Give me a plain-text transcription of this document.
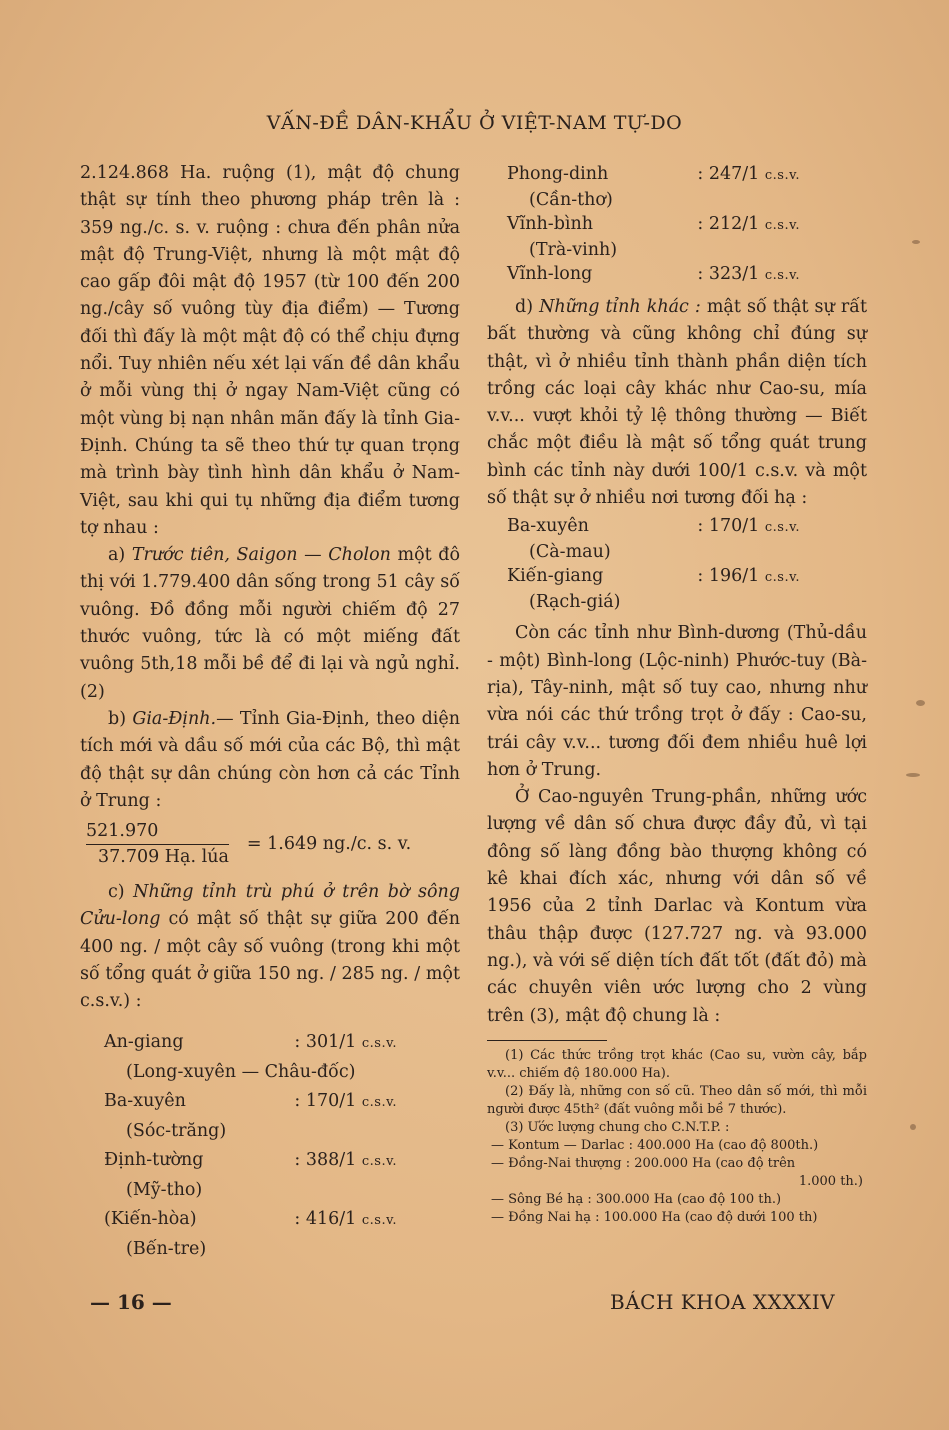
VẤN-ĐỀ DÂN-KHẨU Ở VIỆT-NAM TỰ-DO

2.124.868 Ha. ruộng (1), mật độ chung thật sự tính theo phương pháp trên là : 359 ng./c. s. v. ruộng : chưa đến phân nửa mật độ Trung-Việt, nhưng là một mật độ cao gấp đôi mật độ 1957 (từ 100 đến 200 ng./cây số vuông tùy địa điểm) — Tương đối thì đấy là một mật độ có thể chịu đựng nổi. Tuy nhiên nếu xét lại vấn đề dân khẩu ở mỗi vùng thị ở ngay Nam-Việt cũng có một vùng bị nạn nhân mãn đấy là tỉnh Gia-Định. Chúng ta sẽ theo thứ tự quan trọng mà trình bày tình hình dân khẩu ở Nam-Việt, sau khi qui tụ những địa điểm tương tợ nhau :

a) Trước tiên, Saigon — Cholon một đô thị với 1.779.400 dân sống trong 51 cây số vuông. Đồ đồng mỗi người chiếm độ 27 thước vuông, tức là có một miếng đất vuông 5th,18 mỗi bề để đi lại và ngủ nghỉ. (2)

b) Gia-Định.— Tỉnh Gia-Định, theo diện tích mới và dầu số mới của các Bộ, thì mật độ thật sự dân chúng còn hơn cả các Tỉnh ở Trung :

$\frac{521.970}{\text{37.709 Hạ. lúa}} = 1.649$ ng./c. s. v.

c) Những tỉnh trù phú ở trên bờ sông Cửu-long có mật số thật sự giữa 200 đến 400 ng. / một cây số vuông (trong khi một số tổng quát ở giữa 150 ng. / 285 ng. / một c.s.v.) :

An-giang	: 301/1 c.s.v.
(Long-xuyên — Châu-đốc)	
Ba-xuyên	: 170/1 c.s.v.
(Sóc-trăng)	
Định-tường	: 388/1 c.s.v.
(Mỹ-tho)	
(Kiến-hòa)	: 416/1 c.s.v.
(Bến-tre)	
Phong-dinh	: 247/1 c.s.v.
(Cần-thơ)	
Vĩnh-bình	: 212/1 c.s.v.
(Trà-vinh)	
Vĩnh-long	: 323/1 c.s.v.

d) Những tỉnh khác : mật số thật sự rất bất thường và cũng không chỉ đúng sự thật, vì ở nhiều tỉnh thành phần diện tích trồng các loại cây khác như Cao-su, mía v.v... vượt khỏi tỷ lệ thông thường — Biết chắc một điều là mật số tổng quát trung bình các tỉnh này dưới 100/1 c.s.v. và một số thật sự ở nhiều nơi tương đối hạ :

Ba-xuyên	: 170/1 c.s.v.
(Cà-mau)	
Kiến-giang	: 196/1 c.s.v.
(Rạch-giá)	

Còn các tỉnh như Bình-dương (Thủ-dầu - một) Bình-long (Lộc-ninh) Phước-tuy (Bà-rịa), Tây-ninh, mật số tuy cao, nhưng như vừa nói các thứ trồng trọt ở đấy : Cao-su, trái cây v.v... tương đối đem nhiều huê lợi hơn ở Trung.

Ở Cao-nguyên Trung-phần, những ước lượng về dân số chưa được đầy đủ, vì tại đông số làng đồng bào thượng không có kê khai đích xác, nhưng với dân số về 1956 của 2 tỉnh Darlac và Kontum vừa thâu thập được (127.727 ng. và 93.000 ng.), và với sế diện tích đất tốt (đất đỏ) mà các chuyên viên ước lượng cho 2 vùng trên (3), mật độ chung là :

(1) Các thức trồng trọt khác (Cao su, vườn cây, bắp v.v... chiếm độ 180.000 Ha).

(2) Đấy là, những con số cũ. Theo dân số mới, thì mỗi người được 45th² (đất vuông mỗi bề 7 thước).

(3) Ước lượng chung cho C.N.T.P. :

— Kontum — Darlac : 400.000 Ha (cao độ 800th.)
— Đồng-Nai thượng : 200.000 Ha (cao độ trên
1.000 th.)
— Sông Bé hạ : 300.000 Ha (cao độ 100 th.)
— Đồng Nai hạ : 100.000 Ha (cao độ dưới 100 th)
— 16 —	BÁCH KHOA XXXXIV
